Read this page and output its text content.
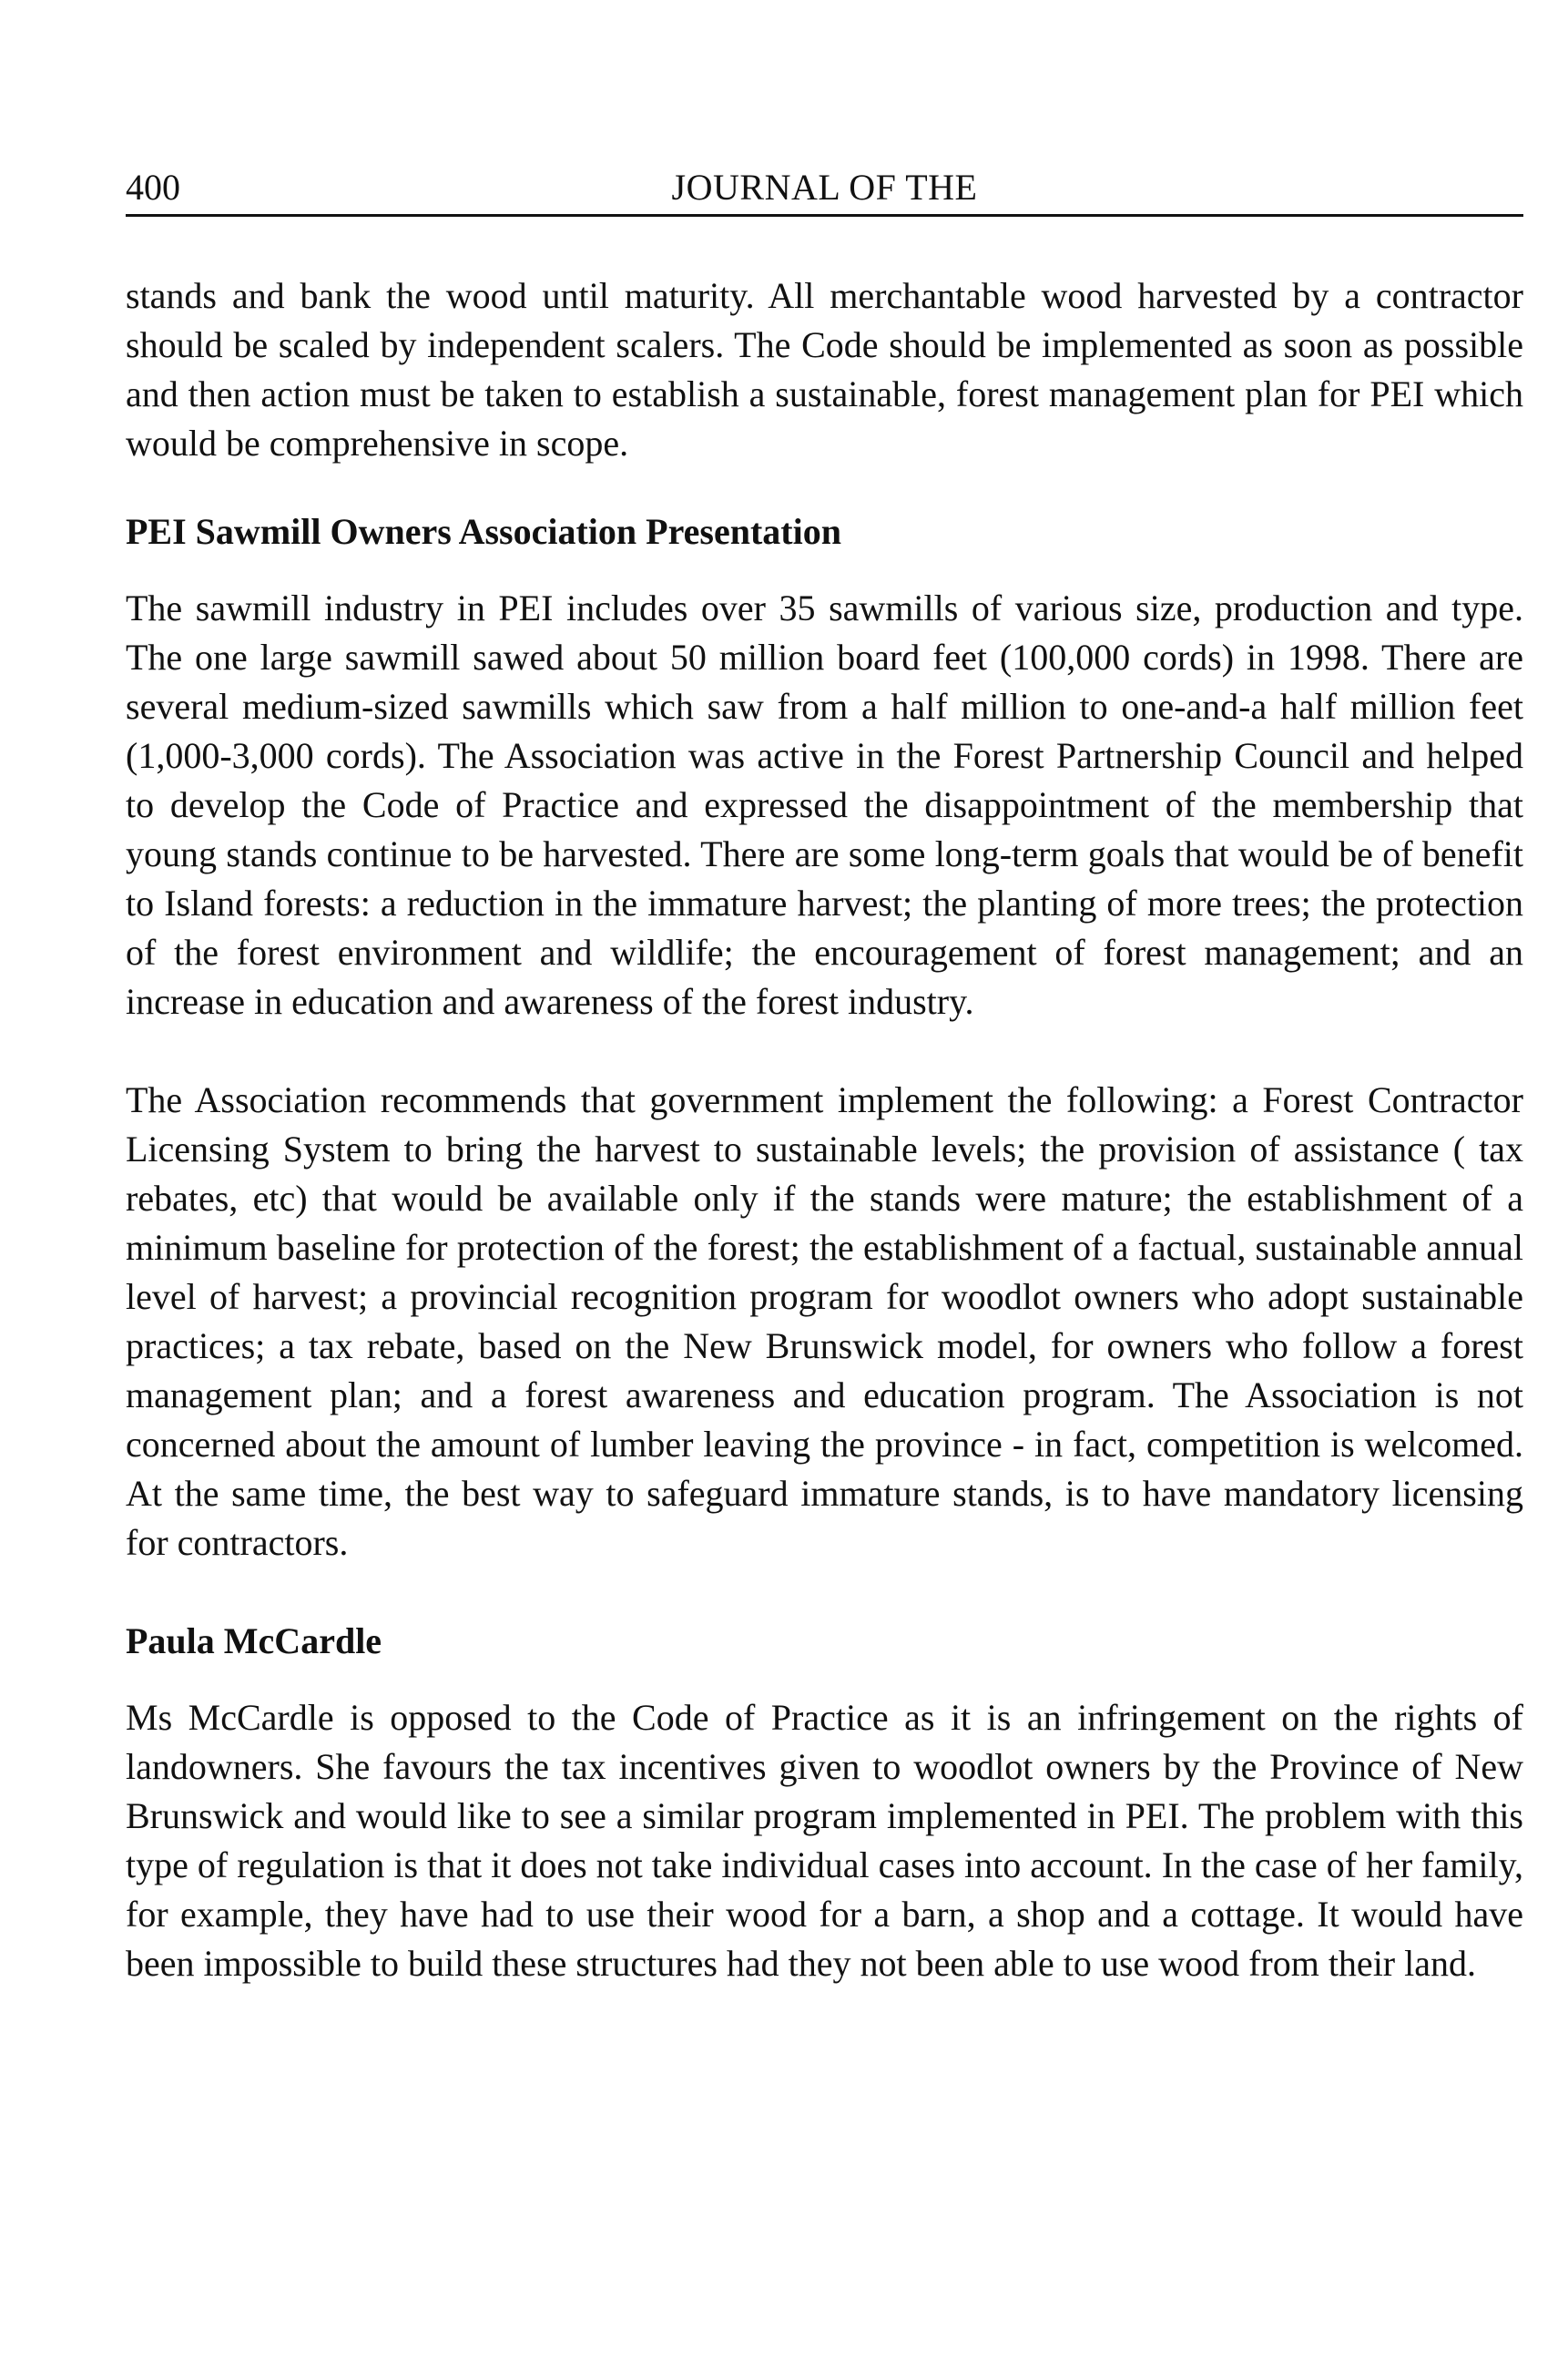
400	JOURNAL OF THE

stands and bank the wood until maturity. All merchantable wood harvested by a contractor should be scaled by independent scalers. The Code should be implemented as soon as possible and then action must be taken to establish a sustainable, forest management plan for PEI which would be comprehensive in scope.

PEI Sawmill Owners Association Presentation

The sawmill industry in PEI includes over 35 sawmills of various size, production and type. The one large sawmill sawed about 50 million board feet (100,000 cords) in 1998. There are several medium-sized sawmills which saw from a half million to one-and-a half million feet (1,000-3,000 cords). The Association was active in the Forest Partnership Council and helped to develop the Code of Practice and expressed the disappointment of the membership that young stands continue to be harvested. There are some long-term goals that would be of benefit to Island forests: a reduction in the immature harvest; the planting of more trees; the protection of the forest environment and wildlife; the encouragement of forest management; and an increase in education and awareness of the forest industry.

The Association recommends that government implement the following: a Forest Contractor Licensing System to bring the harvest to sustainable levels; the provision of assistance ( tax rebates, etc) that would be available only if the stands were mature; the establishment of a minimum baseline for protection of the forest; the establishment of a factual, sustainable annual level of harvest; a provincial recognition program for woodlot owners who adopt sustainable practices; a tax rebate, based on the New Brunswick model, for owners who follow a forest management plan; and a forest awareness and education program. The Association is not concerned about the amount of lumber leaving the province - in fact, competition is welcomed. At the same time, the best way to safeguard immature stands, is to have mandatory licensing for contractors.

Paula McCardle

Ms McCardle is opposed to the Code of Practice as it is an infringement on the rights of landowners. She favours the tax incentives given to woodlot owners by the Province of New Brunswick and would like to see a similar program implemented in PEI. The problem with this type of regulation is that it does not take individual cases into account. In the case of her family, for example, they have had to use their wood for a barn, a shop and a cottage. It would have been impossible to build these structures had they not been able to use wood from their land.
